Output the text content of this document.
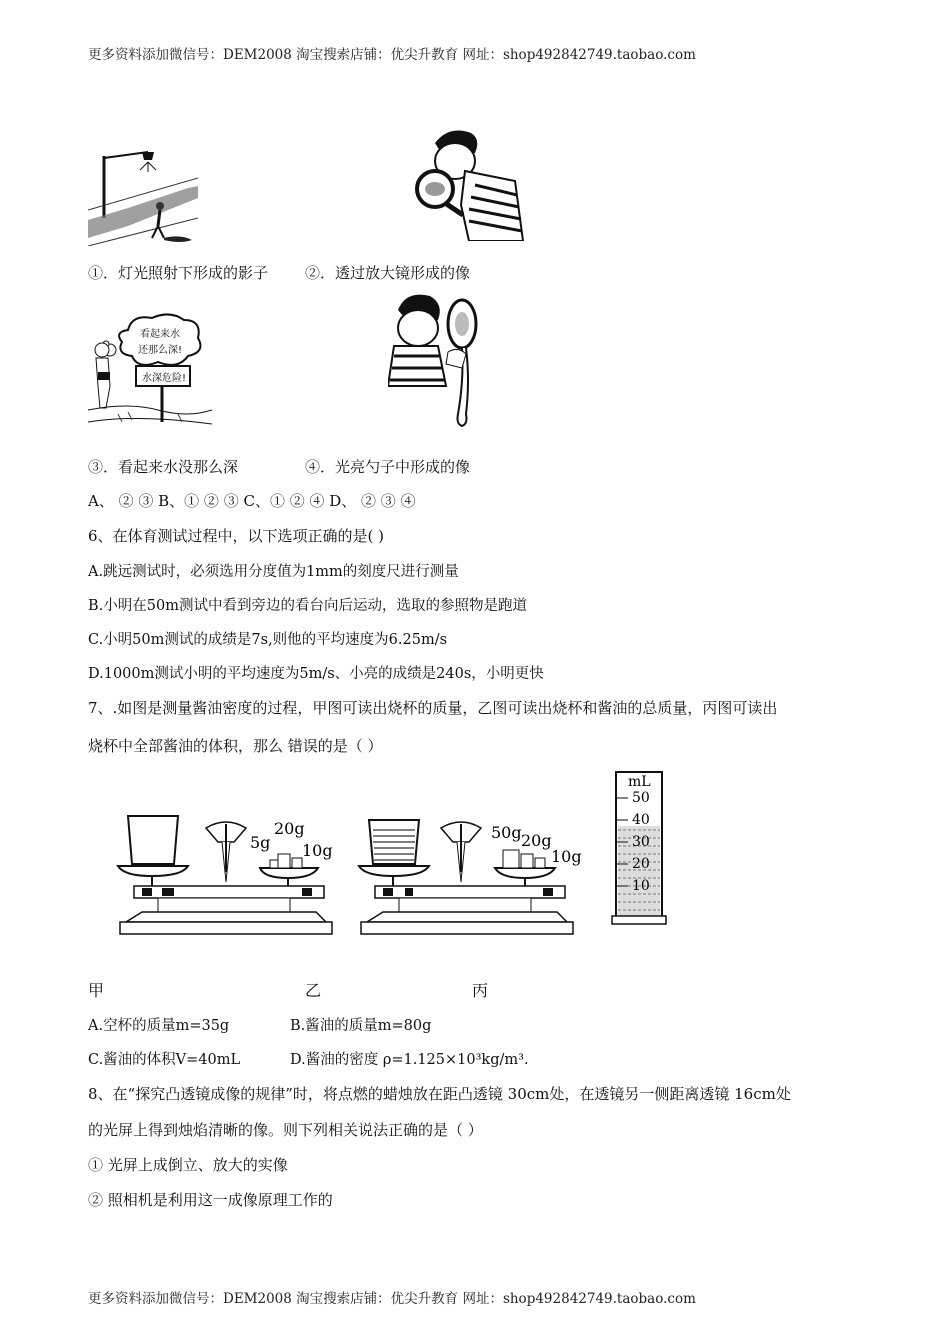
更多资料添加微信号：DEM2008 淘宝搜索店铺：优尖升教育 网址：shop492842749.taobao.com
①．灯光照射下形成的影子 ②．透过放大镜形成的像
看起来水
还那么深!
水深危险!
③．看起来水没那么深	④．光亮勺子中形成的像
A、 ② ③ B、① ② ③ C、① ② ④ D、 ② ③ ④
6、在体育测试过程中，以下选项正确的是( )
A.跳远测试时，必须选用分度值为1mm的刻度尺进行测量
B.小明在50m测试中看到旁边的看台向后运动，选取的参照物是跑道
C.小明50m测试的成绩是7s,则他的平均速度为6.25m/s
D.1000m测试小明的平均速度为5m/s、小亮的成绩是240s，小明更快
7、.如图是测量酱油密度的过程，甲图可读出烧杯的质量，乙图可读出烧杯和酱油的总质量，丙图可读出
烧杯中全部酱油的体积，那么 错误的是（ ）
20g
5g 10g
50g 20g
10g
mL
50
40
30
20
10
甲	乙	丙
A.空杯的质量m=35g	B.酱油的质量m=80g
C.酱油的体积V=40mL	D.酱油的密度 ρ=1.125×10³kg/m³.
8、在“探究凸透镜成像的规律”时，将点燃的蜡烛放在距凸透镜 30cm处，在透镜另一侧距离透镜 16cm处
的光屏上得到烛焰清晰的像。则下列相关说法正确的是（ ）
① 光屏上成倒立、放大的实像
② 照相机是利用这一成像原理工作的
更多资料添加微信号：DEM2008 淘宝搜索店铺：优尖升教育 网址：shop492842749.taobao.com
